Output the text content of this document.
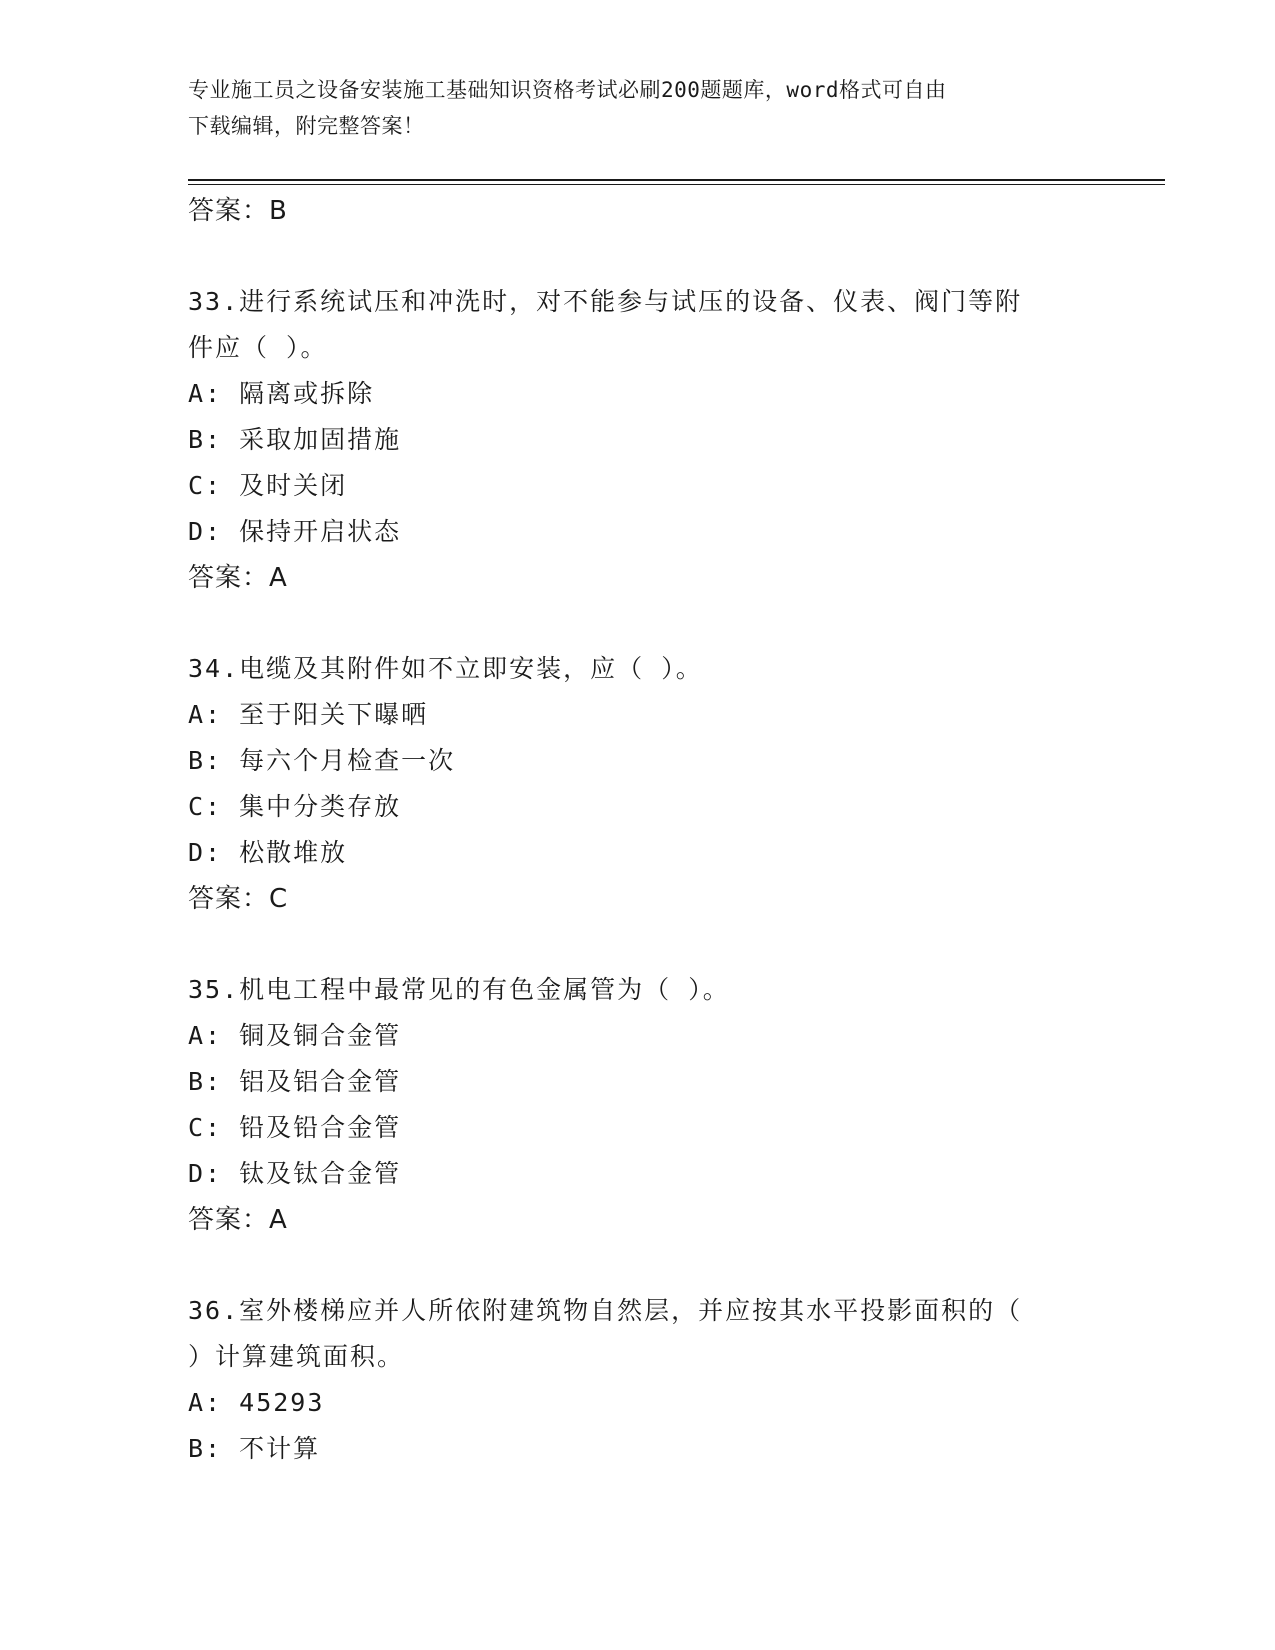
专业施工员之设备安装施工基础知识资格考试必刷200题题库，word格式可自由
下载编辑，附完整答案！
答案：B
33.进行系统试压和冲洗时，对不能参与试压的设备、仪表、阀门等附
件应（ ）。
A: 隔离或拆除
B: 采取加固措施
C: 及时关闭
D: 保持开启状态
答案：A
34.电缆及其附件如不立即安装，应（ ）。
A: 至于阳关下曝晒
B: 每六个月检查一次
C: 集中分类存放
D: 松散堆放
答案：C
35.机电工程中最常见的有色金属管为（ ）。
A: 铜及铜合金管
B: 铝及铝合金管
C: 铅及铅合金管
D: 钛及钛合金管
答案：A
36.室外楼梯应并人所依附建筑物自然层，并应按其水平投影面积的（
）计算建筑面积。
A: 45293
B: 不计算
